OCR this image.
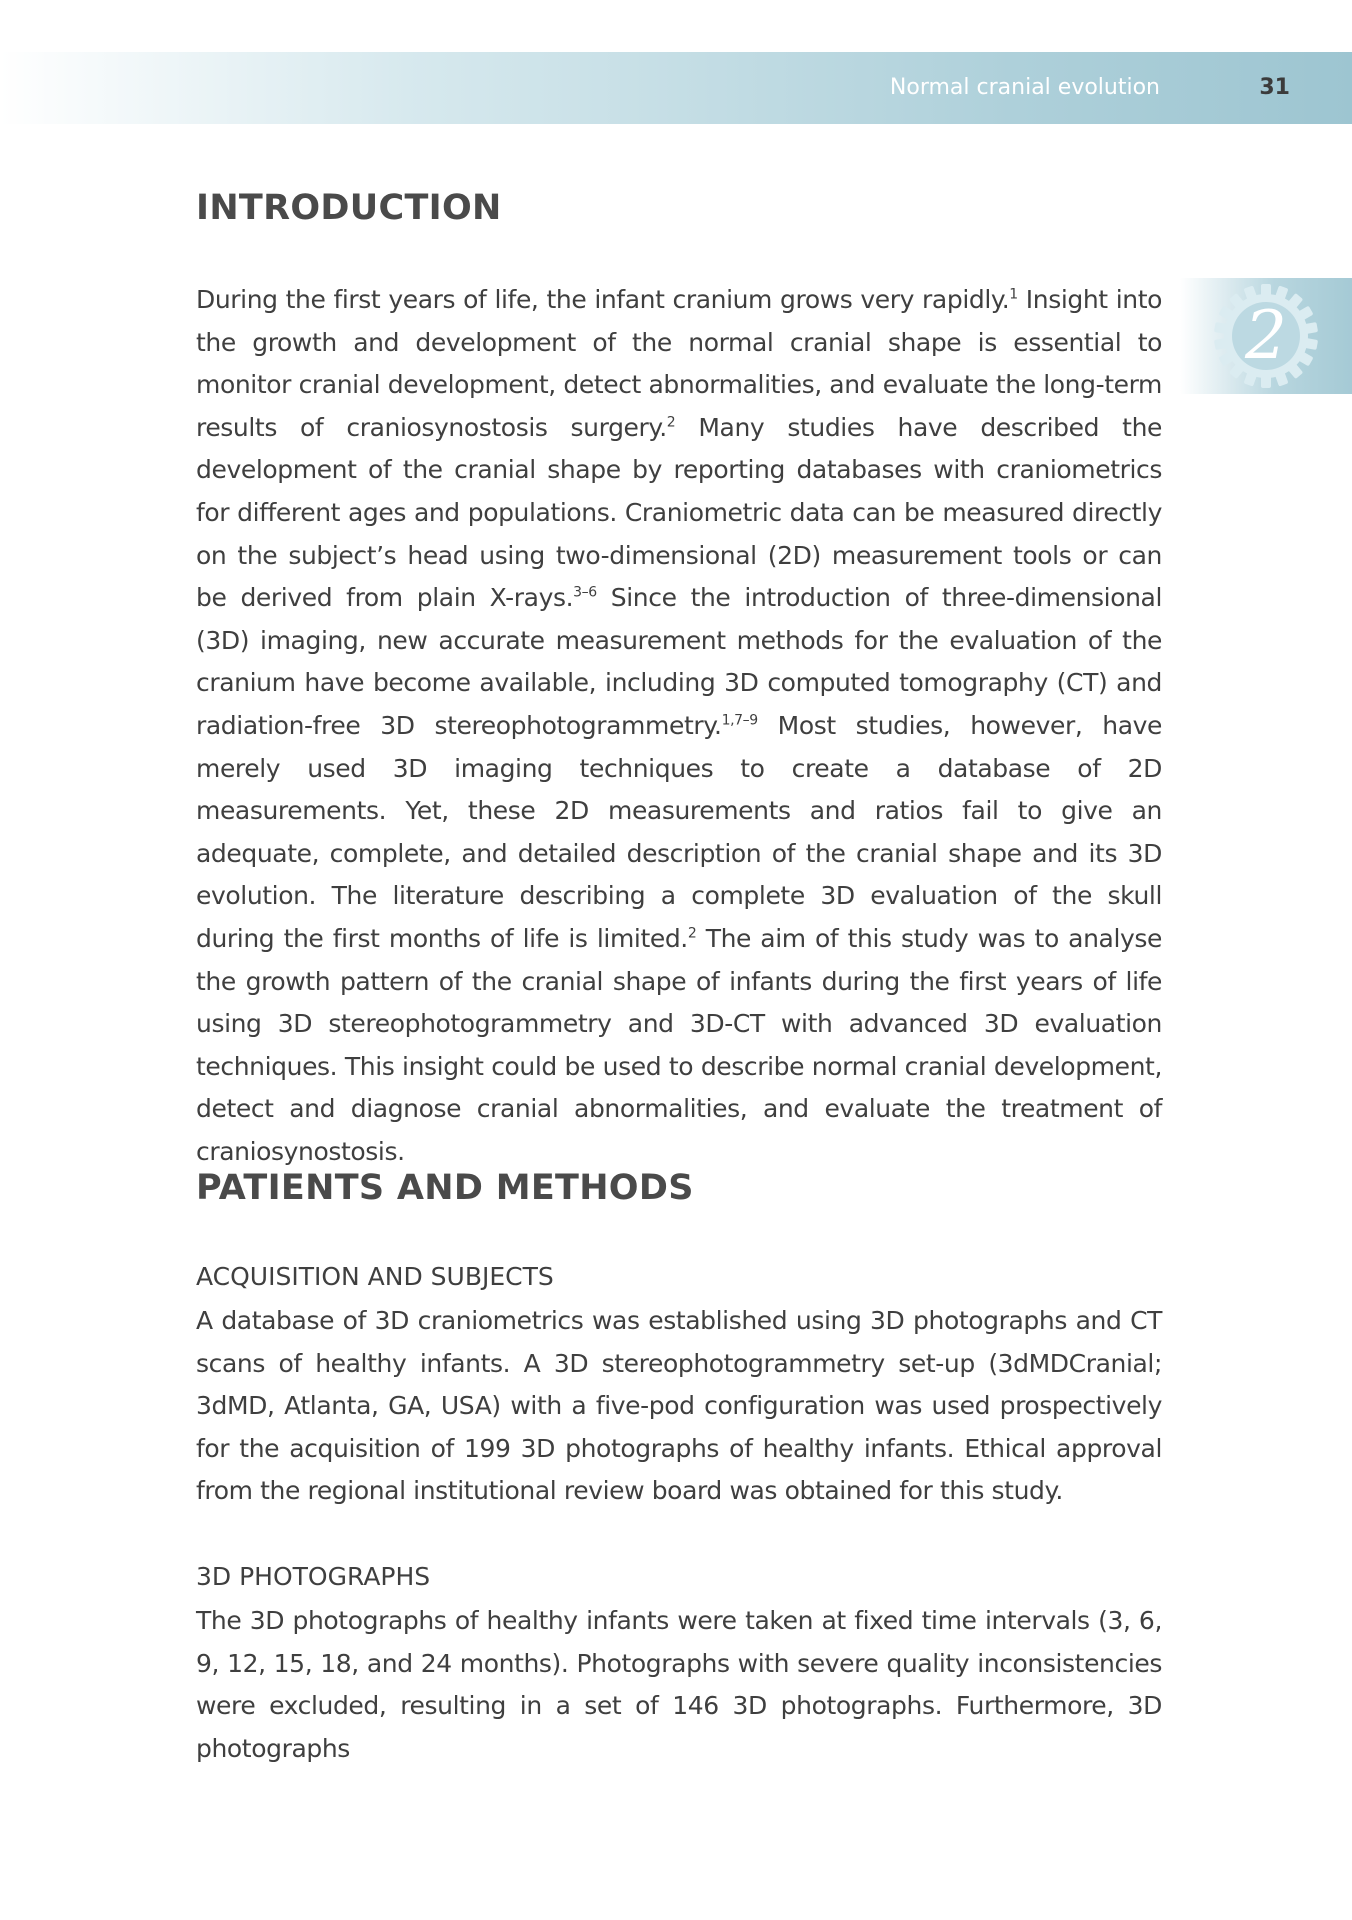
Normal cranial evolution	31
2
INTRODUCTION

During the first years of life, the infant cranium grows very rapidly.$^1$ Insight into the growth and development of the normal cranial shape is essential to monitor cranial development, detect abnormalities, and evaluate the long-term results of craniosynostosis surgery.$^2$ Many studies have described the development of the cranial shape by reporting databases with craniometrics for different ages and populations. Craniometric data can be measured directly on the subject’s head using two-dimensional (2D) measurement tools or can be derived from plain X-rays.$^{3-6}$ Since the introduction of three-dimensional (3D) imaging, new accurate measurement methods for the evaluation of the cranium have become available, including 3D computed tomography (CT) and radiation-free 3D stereophotogrammetry.$^{1,7-9}$ Most studies, however, have merely used 3D imaging techniques to create a database of 2D measurements. Yet, these 2D measurements and ratios fail to give an adequate, complete, and detailed description of the cranial shape and its 3D evolution. The literature describing a complete 3D evaluation of the skull during the first months of life is limited.$^2$ The aim of this study was to analyse the growth pattern of the cranial shape of infants during the first years of life using 3D stereophotogrammetry and 3D-CT with advanced 3D evaluation techniques. This insight could be used to describe normal cranial development, detect and diagnose cranial abnormalities, and evaluate the treatment of craniosynostosis.

PATIENTS AND METHODS
ACQUISITION AND SUBJECTS

A database of 3D craniometrics was established using 3D photographs and CT scans of healthy infants. A 3D stereophotogrammetry set-up (3dMDCranial; 3dMD, Atlanta, GA, USA) with a five-pod configuration was used prospectively for the acquisition of 199 3D photographs of healthy infants. Ethical approval from the regional institutional review board was obtained for this study.

3D PHOTOGRAPHS

The 3D photographs of healthy infants were taken at fixed time intervals (3, 6, 9, 12, 15, 18, and 24 months). Photographs with severe quality inconsistencies were excluded, resulting in a set of 146 3D photographs. Furthermore, 3D photographs
